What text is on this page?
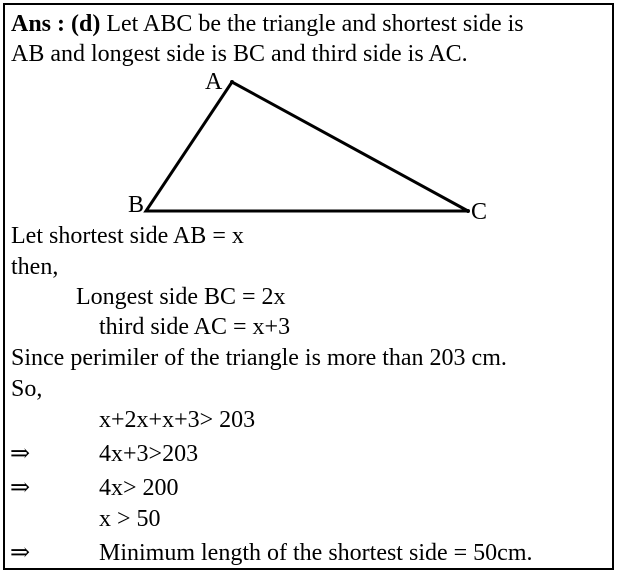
Ans : (d) Let ABC be the triangle and shortest side is
AB and longest side is BC and third side is AC.
A
B	C
Let shortest side AB = x
then,
Longest side BC = 2x
third side AC = x+3
Since perimiler of the triangle is more than 203 cm.
So,
x+2x+x+3> 203
⇒	4x+3>203
⇒	4x> 200
x > 50
⇒	Minimum length of the shortest side = 50cm.
